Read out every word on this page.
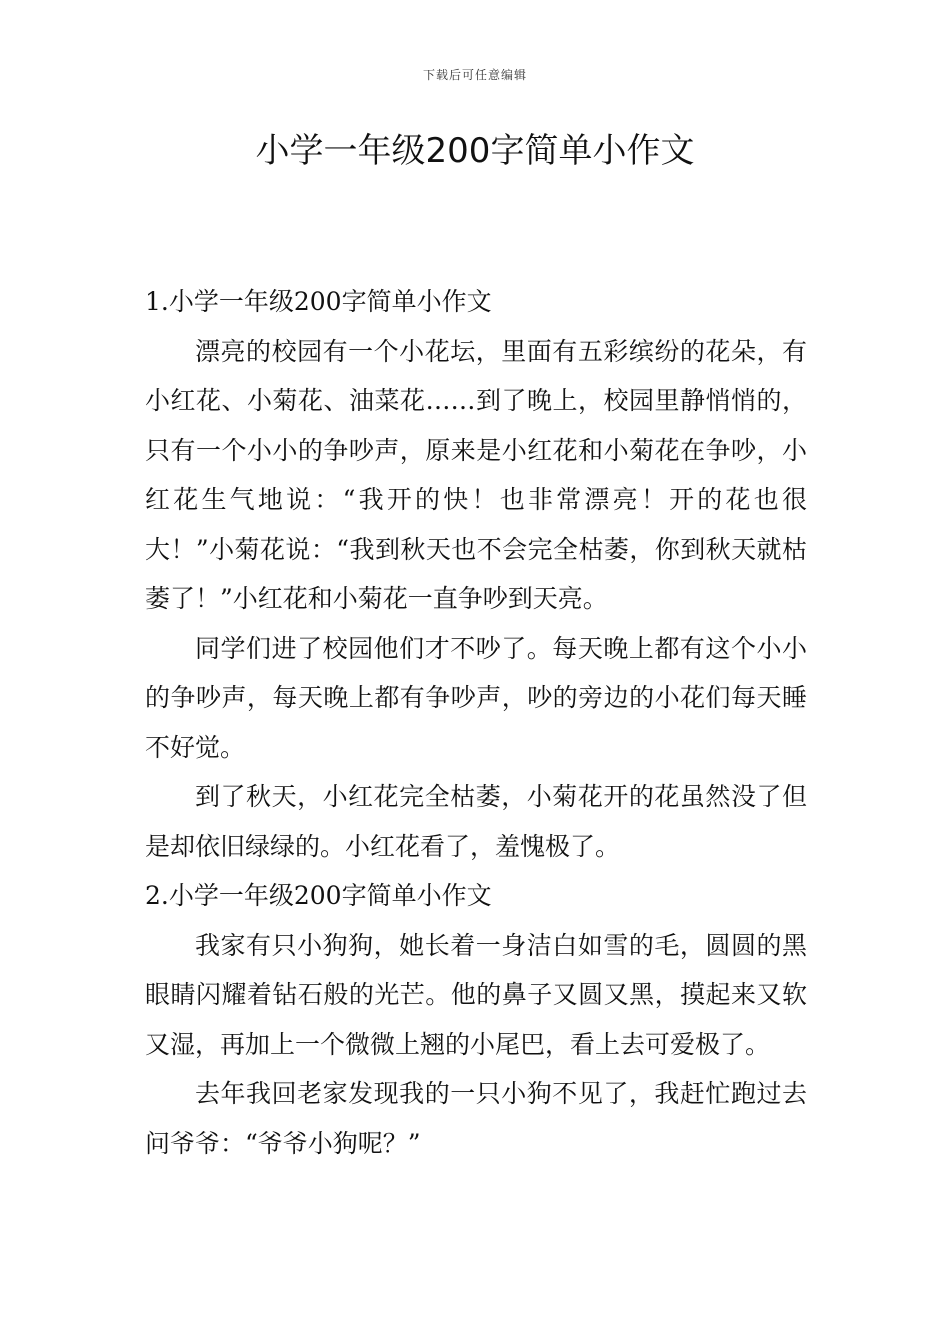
下载后可任意编辑
小学一年级200字简单小作文
1.小学一年级200字简单小作文

漂亮的校园有一个小花坛，里面有五彩缤纷的花朵，有小红花、小菊花、油菜花……到了晚上，校园里静悄悄的，只有一个小小的争吵声，原来是小红花和小菊花在争吵，小红花生气地说：“我开的快！也非常漂亮！开的花也很大！”小菊花说：“我到秋天也不会完全枯萎，你到秋天就枯萎了！”小红花和小菊花一直争吵到天亮。

同学们进了校园他们才不吵了。每天晚上都有这个小小的争吵声，每天晚上都有争吵声，吵的旁边的小花们每天睡不好觉。

到了秋天，小红花完全枯萎，小菊花开的花虽然没了但是却依旧绿绿的。小红花看了，羞愧极了。

2.小学一年级200字简单小作文

我家有只小狗狗，她长着一身洁白如雪的毛，圆圆的黑眼睛闪耀着钻石般的光芒。他的鼻子又圆又黑，摸起来又软又湿，再加上一个微微上翘的小尾巴，看上去可爱极了。

去年我回老家发现我的一只小狗不见了，我赶忙跑过去问爷爷：“爷爷小狗呢？”
